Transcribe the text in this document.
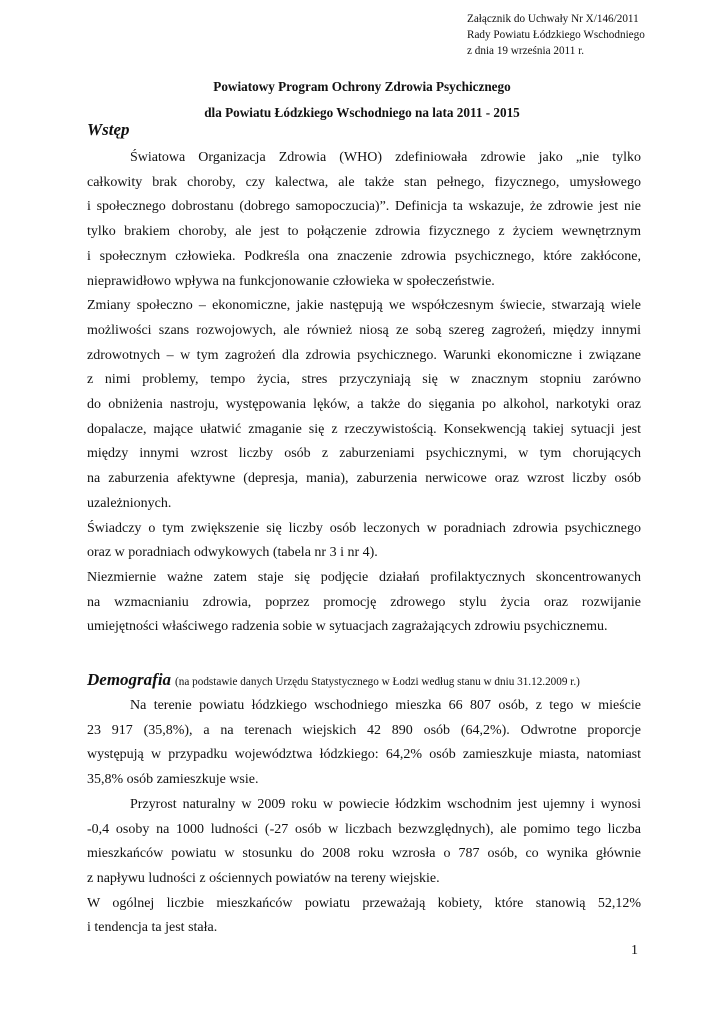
Załącznik do Uchwały Nr X/146/2011
Rady Powiatu Łódzkiego Wschodniego
z dnia 19 września 2011 r.
Powiatowy Program Ochrony Zdrowia Psychicznego
dla Powiatu Łódzkiego Wschodniego na lata 2011 - 2015
Wstęp

Światowa Organizacja Zdrowia (WHO) zdefiniowała zdrowie jako „nie tylko

całkowity brak choroby, czy kalectwa, ale także stan pełnego, fizycznego, umysłowego

i społecznego dobrostanu (dobrego samopoczucia)”. Definicja ta wskazuje, że zdrowie jest nie

tylko brakiem choroby, ale jest to połączenie zdrowia fizycznego z życiem wewnętrznym

i społecznym człowieka. Podkreśla ona znaczenie zdrowia psychicznego, które zakłócone,

nieprawidłowo wpływa na funkcjonowanie człowieka w społeczeństwie.

Zmiany społeczno – ekonomiczne, jakie następują we współczesnym świecie, stwarzają wiele

możliwości szans rozwojowych, ale również niosą ze sobą szereg zagrożeń, między innymi

zdrowotnych – w tym zagrożeń dla zdrowia psychicznego. Warunki ekonomiczne i związane

z nimi problemy, tempo życia, stres przyczyniają się w znacznym stopniu zarówno

do obniżenia nastroju, występowania lęków, a także do sięgania po alkohol, narkotyki oraz

dopalacze, mające ułatwić zmaganie się z rzeczywistością. Konsekwencją takiej sytuacji jest

między innymi wzrost liczby osób z zaburzeniami psychicznymi, w tym chorujących

na zaburzenia afektywne (depresja, mania), zaburzenia nerwicowe oraz wzrost liczby osób

uzależnionych.

Świadczy o tym zwiększenie się liczby osób leczonych w poradniach zdrowia psychicznego

oraz w poradniach odwykowych (tabela nr 3 i nr 4).

Niezmiernie ważne zatem staje się podjęcie działań profilaktycznych skoncentrowanych

na wzmacnianiu zdrowia, poprzez promocję zdrowego stylu życia oraz rozwijanie

umiejętności właściwego radzenia sobie w sytuacjach zagrażających zdrowiu psychicznemu.

Demografia (na podstawie danych Urzędu Statystycznego w Łodzi według stanu w dniu 31.12.2009 r.)

Na terenie powiatu łódzkiego wschodniego mieszka 66 807 osób, z tego w mieście

23 917 (35,8%), a na terenach wiejskich 42 890 osób (64,2%). Odwrotne proporcje

występują w przypadku województwa łódzkiego: 64,2% osób zamieszkuje miasta, natomiast

35,8% osób zamieszkuje wsie.

Przyrost naturalny w 2009 roku w powiecie łódzkim wschodnim jest ujemny i wynosi

-0,4 osoby na 1000 ludności (-27 osób w liczbach bezwzględnych), ale pomimo tego liczba

mieszkańców powiatu w stosunku do 2008 roku wzrosła o 787 osób, co wynika głównie

z napływu ludności z ościennych powiatów na tereny wiejskie.

W ogólnej liczbie mieszkańców powiatu przeważają kobiety, które stanowią 52,12%

i tendencja ta jest stała.

1
